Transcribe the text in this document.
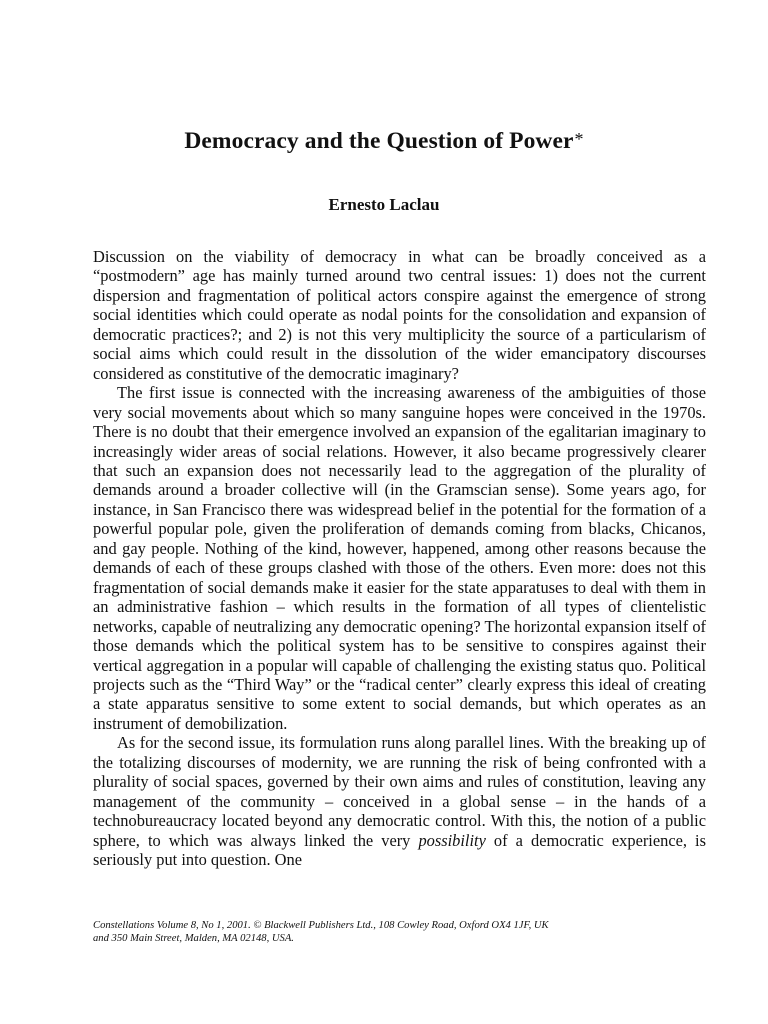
Democracy and the Question of Power*
Ernesto Laclau

Discussion on the viability of democracy in what can be broadly conceived as a “postmodern” age has mainly turned around two central issues: 1) does not the current dispersion and fragmentation of political actors conspire against the emergence of strong social identities which could operate as nodal points for the consolidation and expansion of democratic practices?; and 2) is not this very multiplicity the source of a particularism of social aims which could result in the dissolution of the wider emancipatory discourses considered as constitutive of the democratic imaginary?

The first issue is connected with the increasing awareness of the ambiguities of those very social movements about which so many sanguine hopes were conceived in the 1970s. There is no doubt that their emergence involved an expansion of the egalitarian imaginary to increasingly wider areas of social relations. However, it also became progressively clearer that such an expansion does not necessarily lead to the aggregation of the plurality of demands around a broader collective will (in the Gramscian sense). Some years ago, for instance, in San Francisco there was widespread belief in the potential for the formation of a powerful popular pole, given the proliferation of demands coming from blacks, Chicanos, and gay people. Nothing of the kind, however, happened, among other reasons because the demands of each of these groups clashed with those of the others. Even more: does not this fragmentation of social demands make it easier for the state apparatuses to deal with them in an administrative fashion – which results in the formation of all types of clientelistic networks, capable of neutralizing any democratic opening? The horizontal expansion itself of those demands which the political system has to be sensitive to conspires against their vertical aggregation in a popular will capable of challenging the existing status quo. Political projects such as the “Third Way” or the “radical center” clearly express this ideal of creating a state apparatus sensitive to some extent to social demands, but which operates as an instrument of demobilization.

As for the second issue, its formulation runs along parallel lines. With the breaking up of the totalizing discourses of modernity, we are running the risk of being confronted with a plurality of social spaces, governed by their own aims and rules of constitution, leaving any management of the community – conceived in a global sense – in the hands of a technobureaucracy located beyond any democratic control. With this, the notion of a public sphere, to which was always linked the very possibility of a democratic experience, is seriously put into question. One

Constellations Volume 8, No 1, 2001. © Blackwell Publishers Ltd., 108 Cowley Road, Oxford OX4 1JF, UK
and 350 Main Street, Malden, MA 02148, USA.
